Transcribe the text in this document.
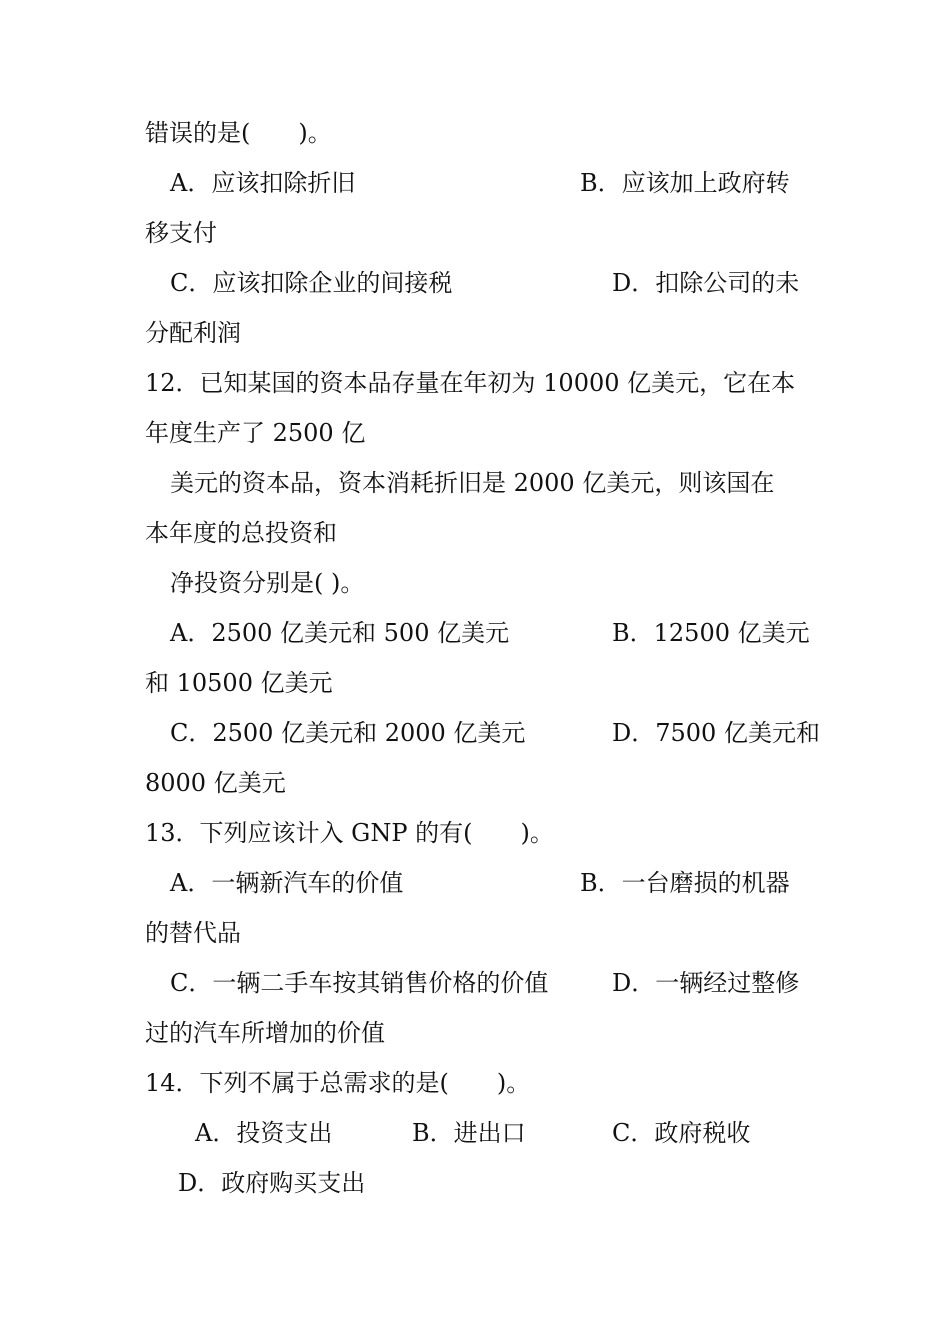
错误的是(　　)。
A．应该扣除折旧	B．应该加上政府转
移支付
C．应该扣除企业的间接税	D．扣除公司的未
分配利润
12．已知某国的资本品存量在年初为 10000 亿美元，它在本
年度生产了 2500 亿
美元的资本品，资本消耗折旧是 2000 亿美元，则该国在
本年度的总投资和
净投资分别是( )。
A．2500 亿美元和 500 亿美元	B．12500 亿美元
和 10500 亿美元
C．2500 亿美元和 2000 亿美元	D．7500 亿美元和
8000 亿美元
13．下列应该计入 GNP 的有(　　)。
A．一辆新汽车的价值	B．一台磨损的机器
的替代品
C．一辆二手车按其销售价格的价值	D．一辆经过整修
过的汽车所增加的价值
14．下列不属于总需求的是(　　)。
A．投资支出	B．进出口	C．政府税收
D．政府购买支出
